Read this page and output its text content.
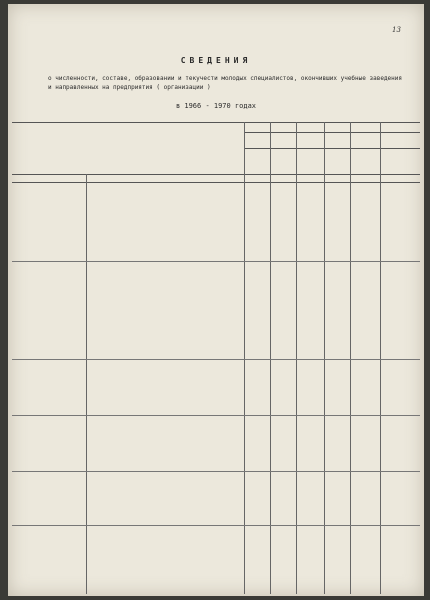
13
СВЕДЕНИЯ
о численности, составе, образовании и текучести молодых специалистов, окончивших учебные заведения и направленных на предприятия ( организации )
в 1966 - 1970 годах
